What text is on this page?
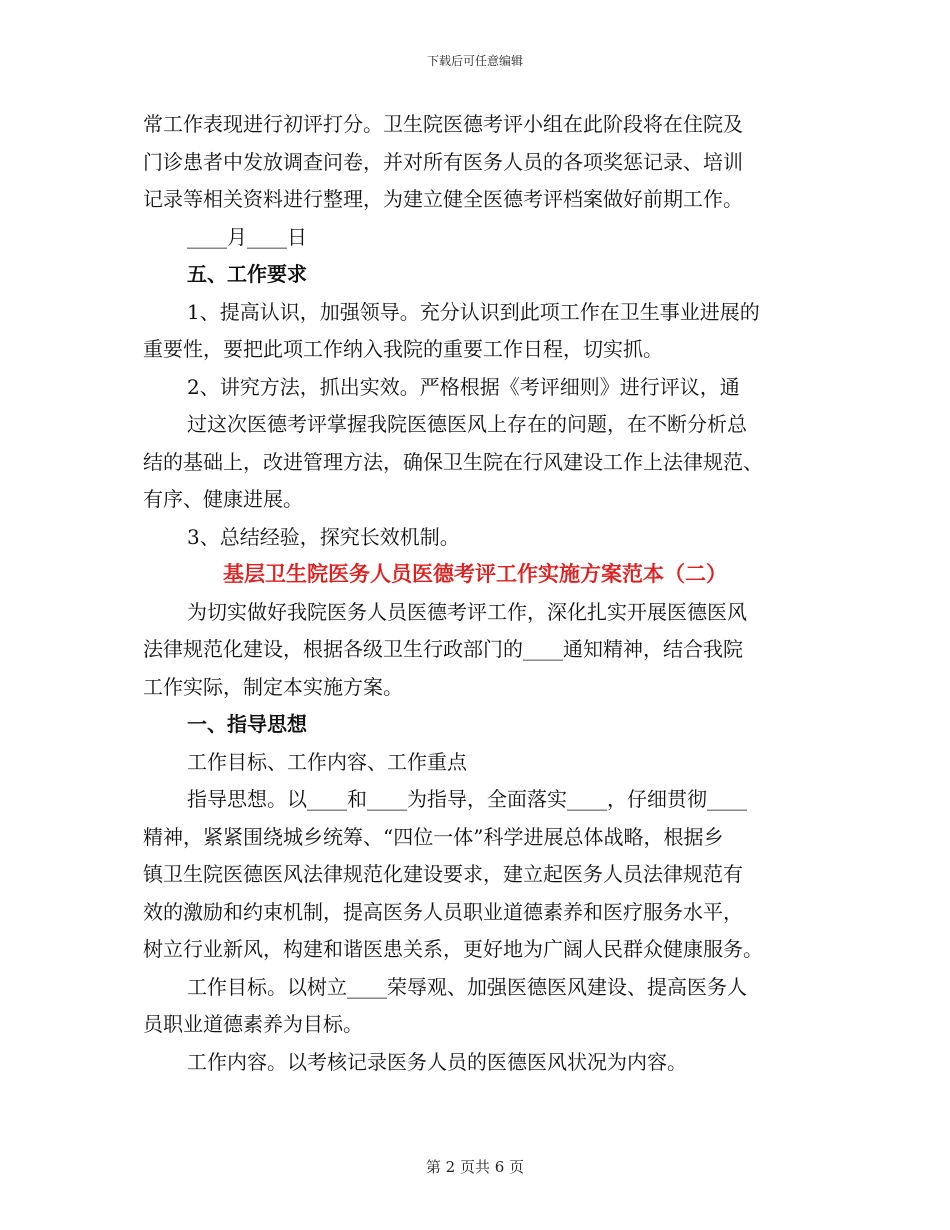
下载后可任意编辑

常工作表现进行初评打分。卫生院医德考评小组在此阶段将在住院及

门诊患者中发放调查问卷，并对所有医务人员的各项奖惩记录、培训

记录等相关资料进行整理，为建立健全医德考评档案做好前期工作。

____月____日

五、工作要求

1、提高认识，加强领导。充分认识到此项工作在卫生事业进展的

重要性，要把此项工作纳入我院的重要工作日程，切实抓。

2、讲究方法，抓出实效。严格根据《考评细则》进行评议，通

过这次医德考评掌握我院医德医风上存在的问题，在不断分析总

结的基础上，改进管理方法，确保卫生院在行风建设工作上法律规范、

有序、健康进展。

3、总结经验，探究长效机制。

基层卫生院医务人员医德考评工作实施方案范本（二）

为切实做好我院医务人员医德考评工作，深化扎实开展医德医风

法律规范化建设，根据各级卫生行政部门的____通知精神，结合我院

工作实际，制定本实施方案。

一、指导思想

工作目标、工作内容、工作重点

指导思想。以____和____为指导，全面落实____，仔细贯彻____

精神，紧紧围绕城乡统筹、“四位一体”科学进展总体战略，根据乡

镇卫生院医德医风法律规范化建设要求，建立起医务人员法律规范有

效的激励和约束机制，提高医务人员职业道德素养和医疗服务水平，

树立行业新风，构建和谐医患关系，更好地为广阔人民群众健康服务。

工作目标。以树立____荣辱观、加强医德医风建设、提高医务人

员职业道德素养为目标。

工作内容。以考核记录医务人员的医德医风状况为内容。

第 2 页共 6 页
